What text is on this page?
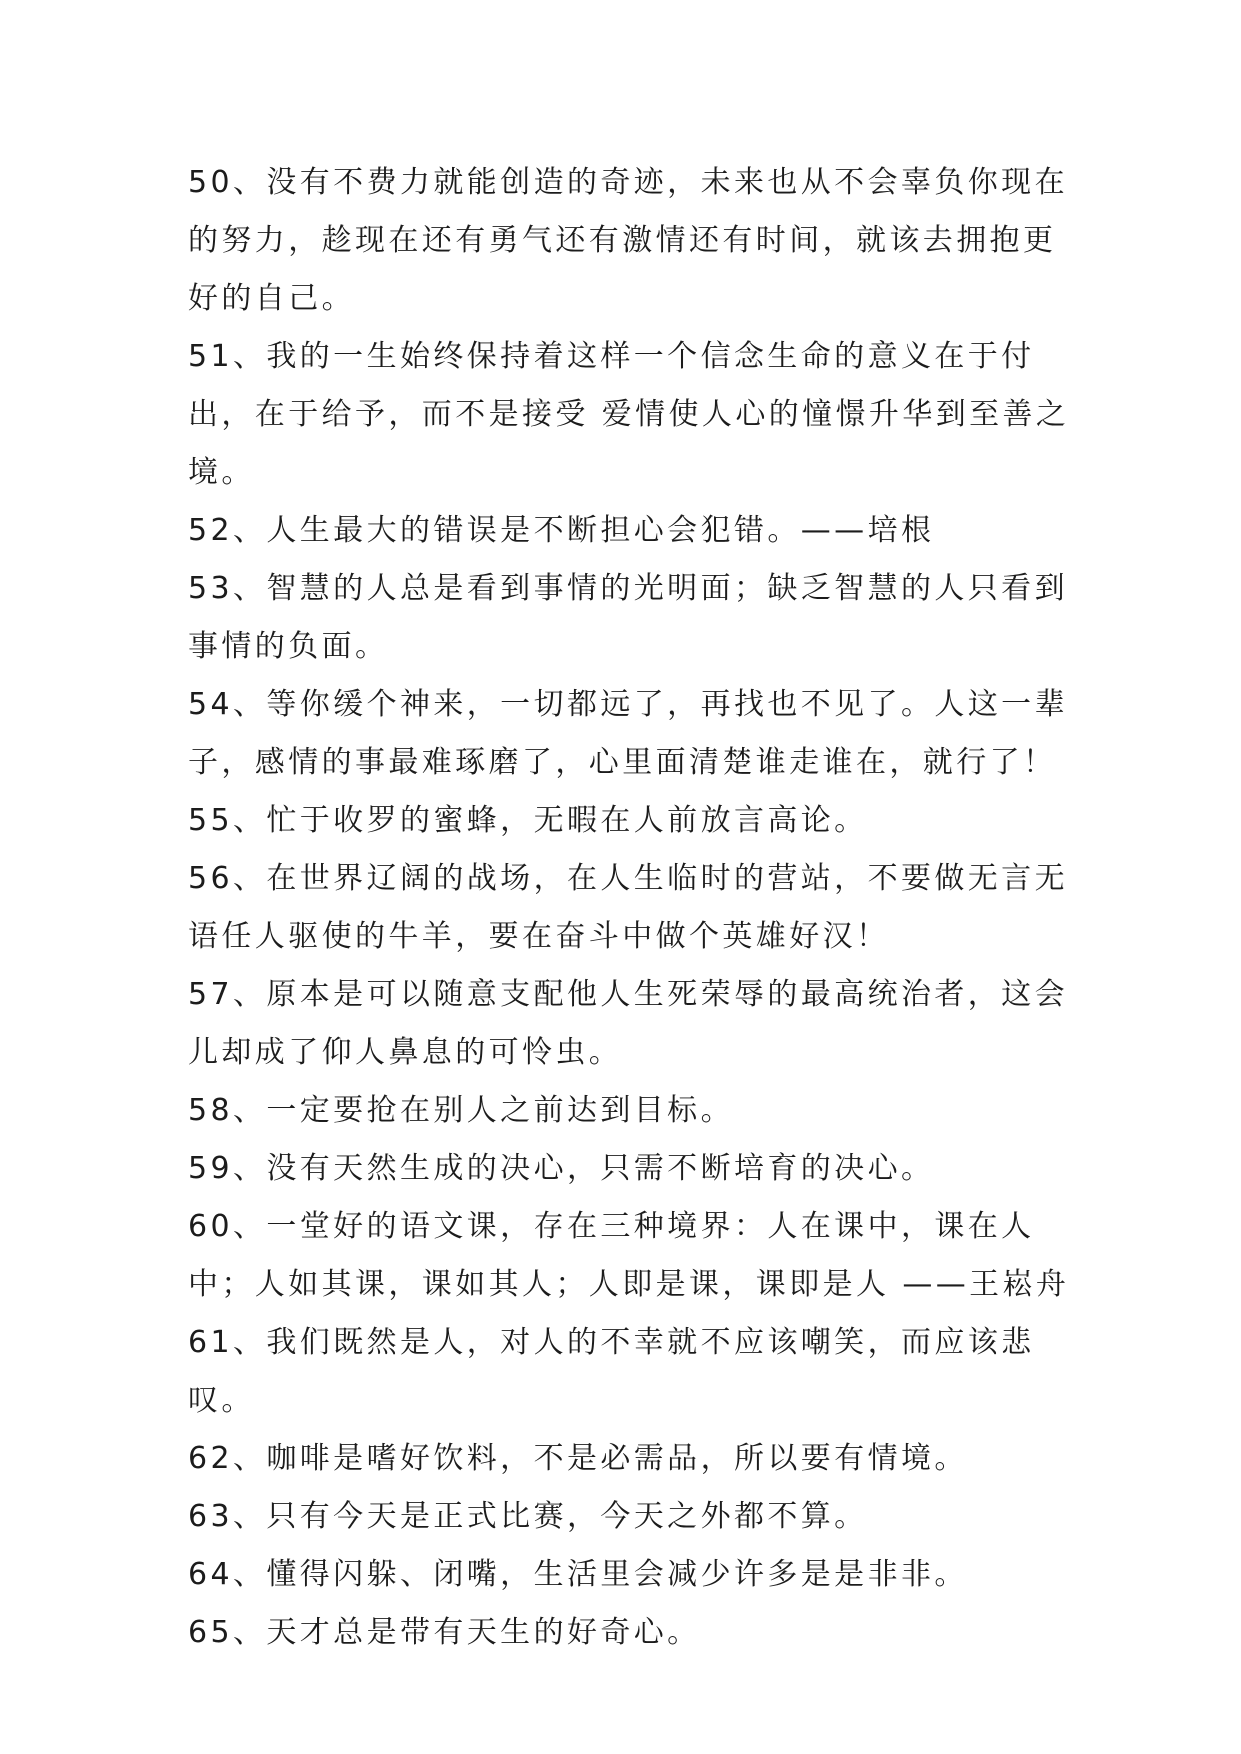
50、没有不费力就能创造的奇迹，未来也从不会辜负你现在的努力，趁现在还有勇气还有激情还有时间，就该去拥抱更好的自己。

51、我的一生始终保持着这样一个信念生命的意义在于付出，在于给予，而不是接受 爱情使人心的憧憬升华到至善之境。

52、人生最大的错误是不断担心会犯错。——培根

53、智慧的人总是看到事情的光明面；缺乏智慧的人只看到事情的负面。

54、等你缓个神来，一切都远了，再找也不见了。人这一辈子，感情的事最难琢磨了，心里面清楚谁走谁在，就行了！

55、忙于收罗的蜜蜂，无暇在人前放言高论。

56、在世界辽阔的战场，在人生临时的营站，不要做无言无语任人驱使的牛羊，要在奋斗中做个英雄好汉！

57、原本是可以随意支配他人生死荣辱的最高统治者，这会儿却成了仰人鼻息的可怜虫。

58、一定要抢在别人之前达到目标。

59、没有天然生成的决心，只需不断培育的决心。

60、一堂好的语文课，存在三种境界：人在课中，课在人中；人如其课，课如其人；人即是课，课即是人 ——王崧舟

61、我们既然是人，对人的不幸就不应该嘲笑，而应该悲叹。

62、咖啡是嗜好饮料，不是必需品，所以要有情境。

63、只有今天是正式比赛，今天之外都不算。

64、懂得闪躲、闭嘴，生活里会减少许多是是非非。

65、天才总是带有天生的好奇心。
